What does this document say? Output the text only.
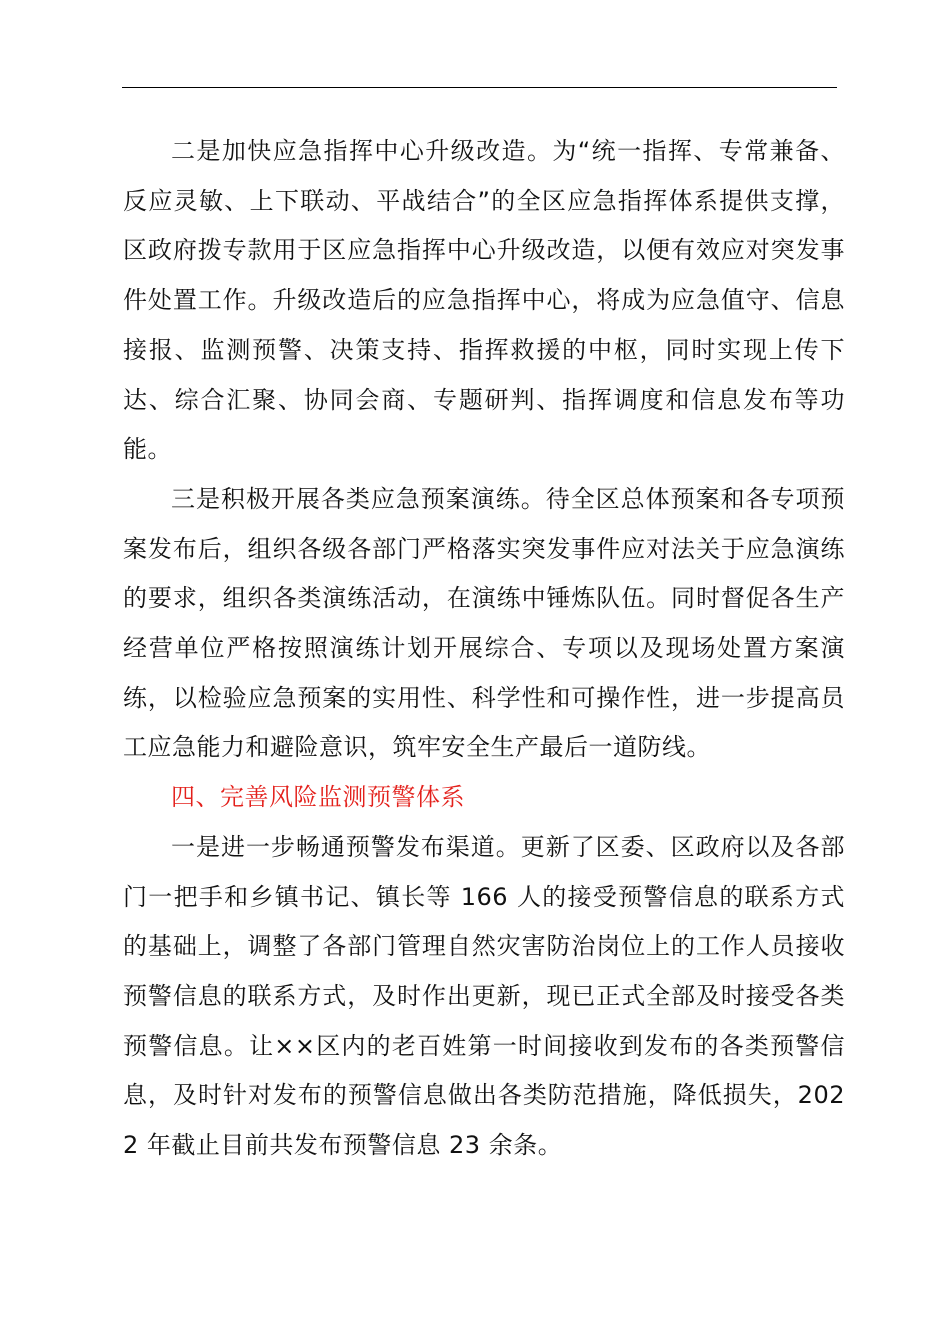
二是加快应急指挥中心升级改造。为“统一指挥、专常兼备、反应灵敏、上下联动、平战结合”的全区应急指挥体系提供支撑，区政府拨专款用于区应急指挥中心升级改造，以便有效应对突发事件处置工作。升级改造后的应急指挥中心，将成为应急值守、信息接报、监测预警、决策支持、指挥救援的中枢，同时实现上传下达、综合汇聚、协同会商、专题研判、指挥调度和信息发布等功能。

三是积极开展各类应急预案演练。待全区总体预案和各专项预案发布后，组织各级各部门严格落实突发事件应对法关于应急演练的要求，组织各类演练活动，在演练中锤炼队伍。同时督促各生产经营单位严格按照演练计划开展综合、专项以及现场处置方案演练，以检验应急预案的实用性、科学性和可操作性，进一步提高员工应急能力和避险意识，筑牢安全生产最后一道防线。

四、完善风险监测预警体系

一是进一步畅通预警发布渠道。更新了区委、区政府以及各部门一把手和乡镇书记、镇长等 166 人的接受预警信息的联系方式的基础上，调整了各部门管理自然灾害防治岗位上的工作人员接收预警信息的联系方式，及时作出更新，现已正式全部及时接受各类预警信息。让××区内的老百姓第一时间接收到发布的各类预警信息，及时针对发布的预警信息做出各类防范措施，降低损失，2022 年截止目前共发布预警信息 23 余条。
